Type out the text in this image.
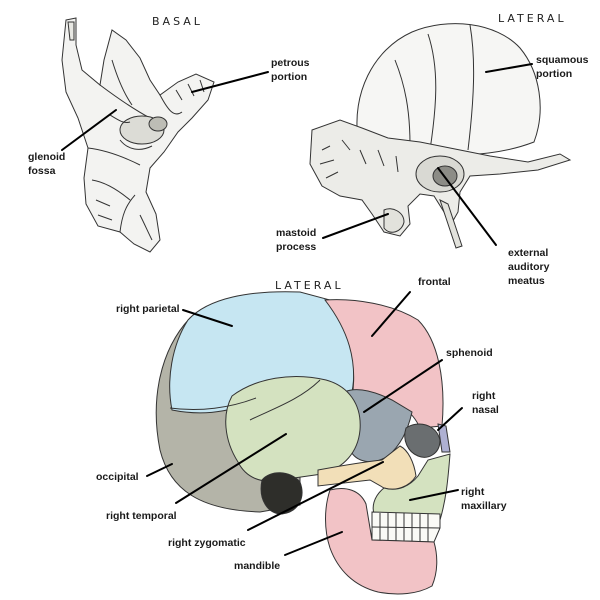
BASAL	LATERAL
LATERAL
petrous portion
glenoid fossa
squamous portion
mastoid process	external auditory meatus
frontal
right parietal
sphenoid
right nasal
occipital
right maxillary
right temporal
right zygomatic
mandible
